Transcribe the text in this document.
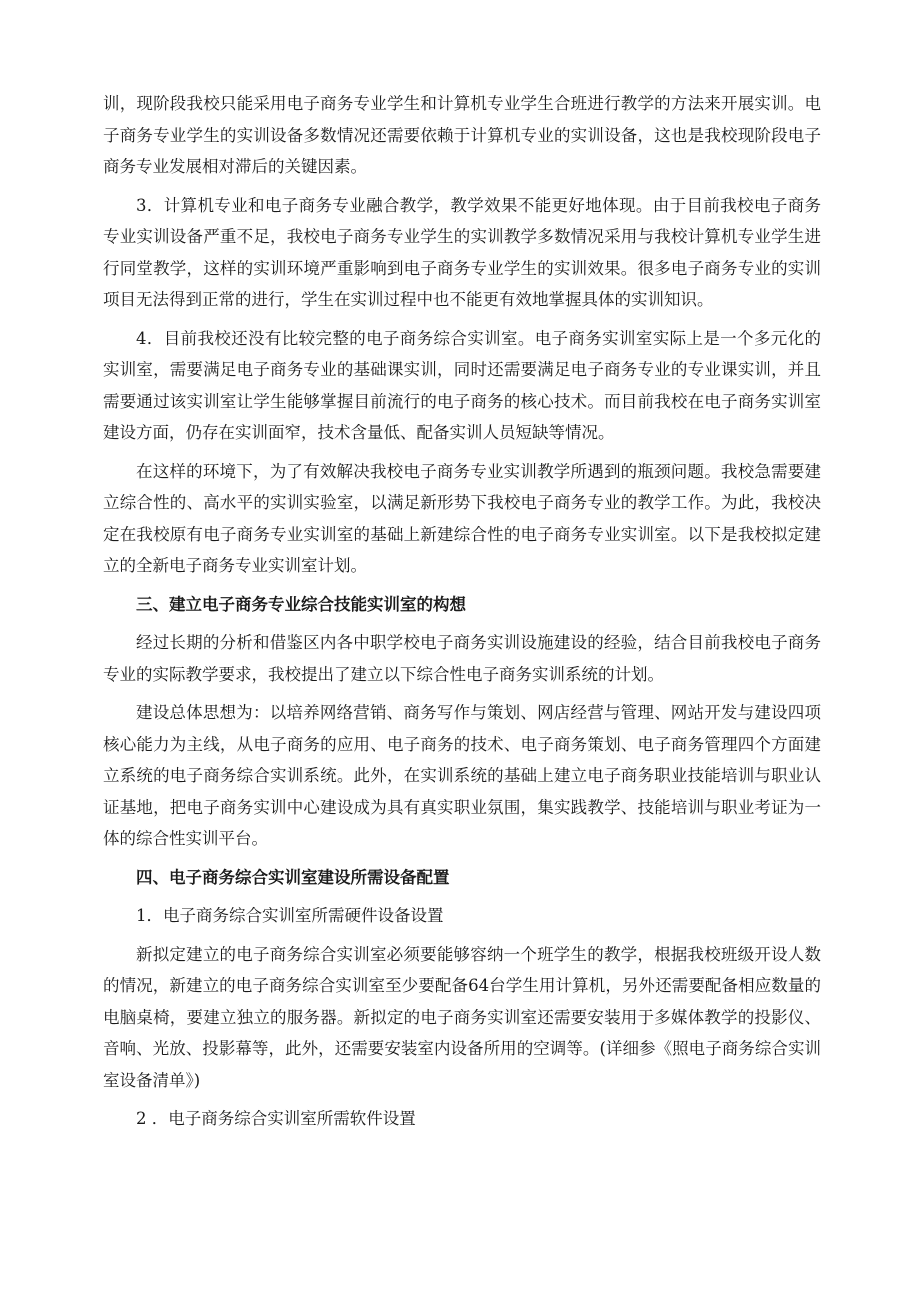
训，现阶段我校只能采用电子商务专业学生和计算机专业学生合班进行教学的方法来开展实训。电子商务专业学生的实训设备多数情况还需要依赖于计算机专业的实训设备，这也是我校现阶段电子商务专业发展相对滞后的关键因素。

3．计算机专业和电子商务专业融合教学，教学效果不能更好地体现。由于目前我校电子商务专业实训设备严重不足，我校电子商务专业学生的实训教学多数情况采用与我校计算机专业学生进行同堂教学，这样的实训环境严重影响到电子商务专业学生的实训效果。很多电子商务专业的实训项目无法得到正常的进行，学生在实训过程中也不能更有效地掌握具体的实训知识。

4．目前我校还没有比较完整的电子商务综合实训室。电子商务实训室实际上是一个多元化的实训室，需要满足电子商务专业的基础课实训，同时还需要满足电子商务专业的专业课实训，并且需要通过该实训室让学生能够掌握目前流行的电子商务的核心技术。而目前我校在电子商务实训室建设方面，仍存在实训面窄，技术含量低、配备实训人员短缺等情况。

在这样的环境下，为了有效解决我校电子商务专业实训教学所遇到的瓶颈问题。我校急需要建立综合性的、高水平的实训实验室，以满足新形势下我校电子商务专业的教学工作。为此，我校决定在我校原有电子商务专业实训室的基础上新建综合性的电子商务专业实训室。以下是我校拟定建立的全新电子商务专业实训室计划。

三、建立电子商务专业综合技能实训室的构想

经过长期的分析和借鉴区内各中职学校电子商务实训设施建设的经验，结合目前我校电子商务专业的实际教学要求，我校提出了建立以下综合性电子商务实训系统的计划。

建设总体思想为：以培养网络营销、商务写作与策划、网店经营与管理、网站开发与建设四项核心能力为主线，从电子商务的应用、电子商务的技术、电子商务策划、电子商务管理四个方面建立系统的电子商务综合实训系统。此外，在实训系统的基础上建立电子商务职业技能培训与职业认证基地，把电子商务实训中心建设成为具有真实职业氛围，集实践教学、技能培训与职业考证为一体的综合性实训平台。

四、电子商务综合实训室建设所需设备配置

1．电子商务综合实训室所需硬件设备设置

新拟定建立的电子商务综合实训室必须要能够容纳一个班学生的教学，根据我校班级开设人数的情况，新建立的电子商务综合实训室至少要配备64台学生用计算机，另外还需要配备相应数量的电脑桌椅，要建立独立的服务器。新拟定的电子商务实训室还需要安装用于多媒体教学的投影仪、音响、光放、投影幕等，此外，还需要安装室内设备所用的空调等。(详细参《照电子商务综合实训室设备清单》)

2 ．电子商务综合实训室所需软件设置
